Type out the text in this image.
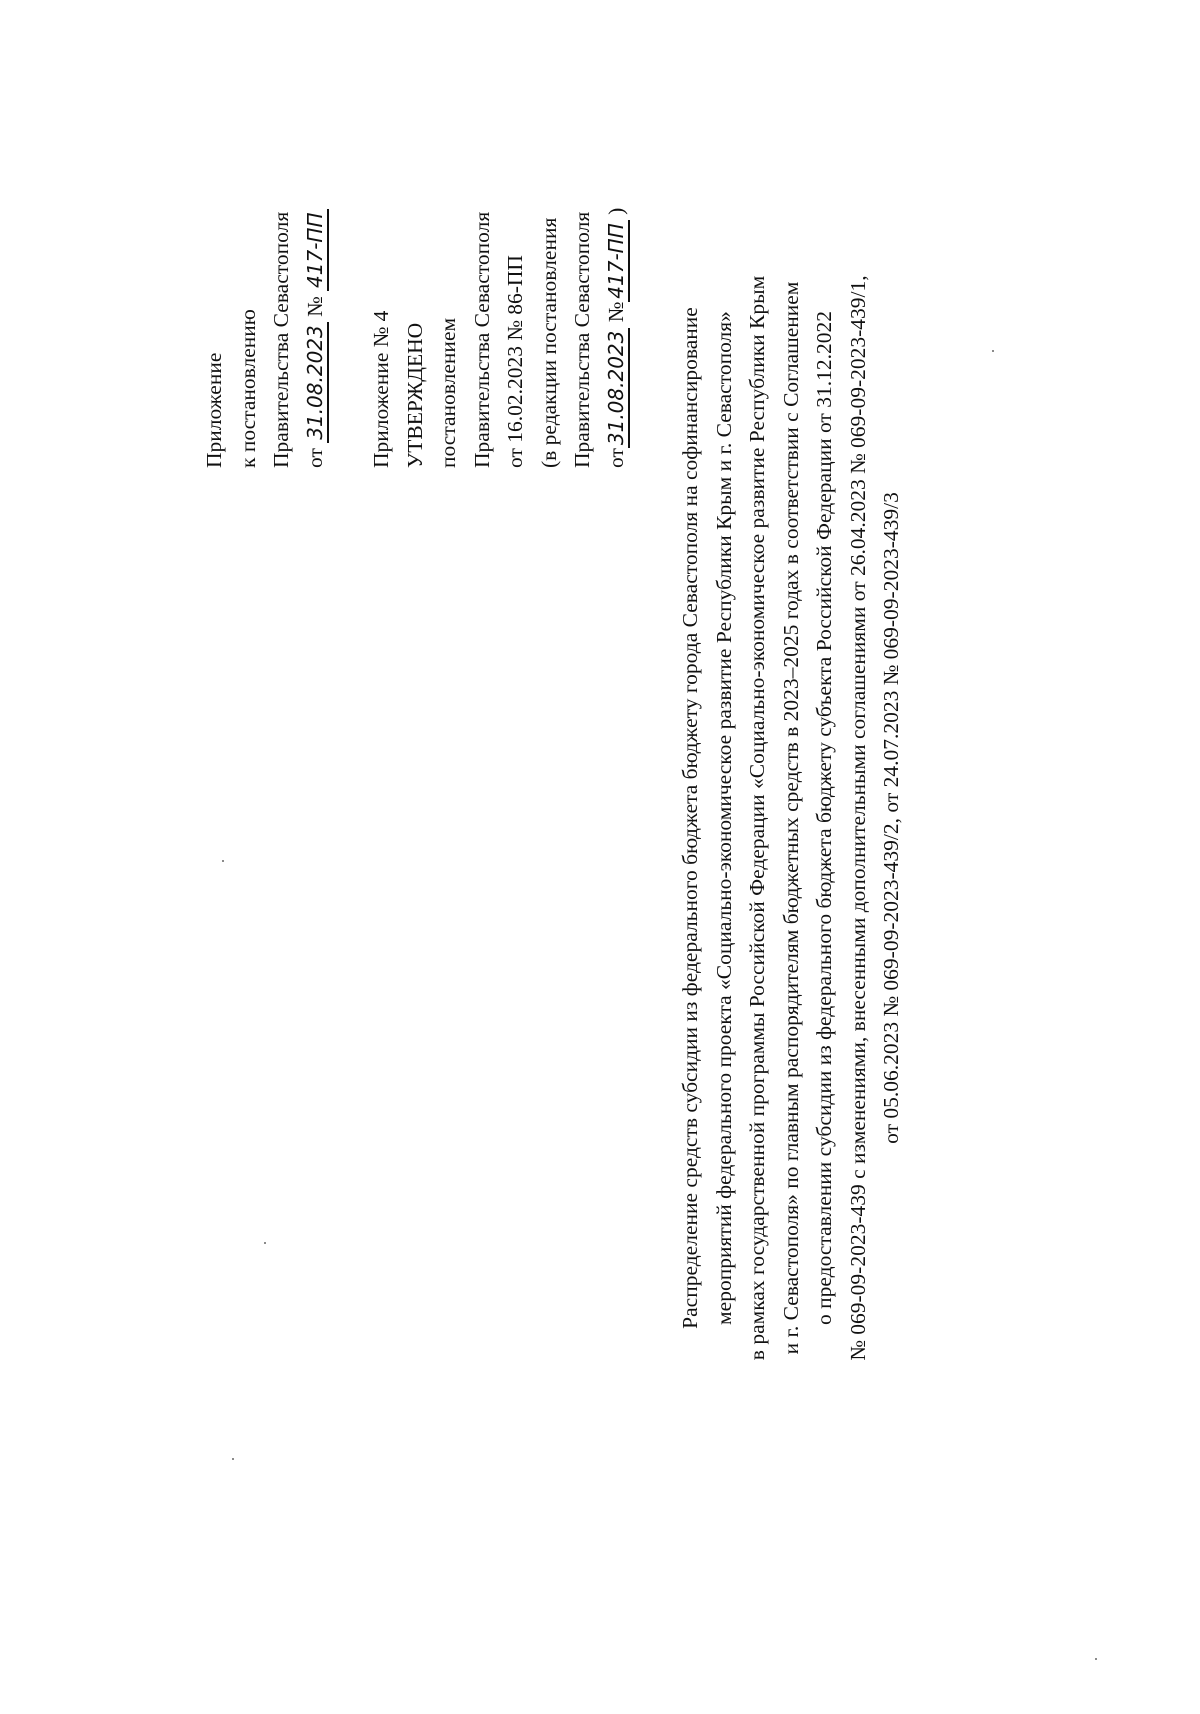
Приложение к постановлению Правительства Севастополя от 31.08.2023 № 417-ПП
Приложение № 4 УТВЕРЖДЕНО постановлением Правительства Севастополя от 16.02.2023 № 86-ПП (в редакции постановления Правительства Севастополя от31.08.2023 №417-ПП )
Распределение средств субсидии из федерального бюджета бюджету города Севастополя на софинансирование мероприятий федерального проекта «Социально-экономическое развитие Республики Крым и г. Севастополя» в рамках государственной программы Российской Федерации «Социально-экономическое развитие Республики Крым и г. Севастополя» по главным распорядителям бюджетных средств в 2023–2025 годах в соответствии с Соглашением о предоставлении субсидии из федерального бюджета бюджету субъекта Российской Федерации от 31.12.2022 № 069-09-2023-439 с изменениями, внесенными дополнительными соглашениями от 26.04.2023 № 069-09-2023-439/1, от 05.06.2023 № 069-09-2023-439/2, от 24.07.2023 № 069-09-2023-439/3
